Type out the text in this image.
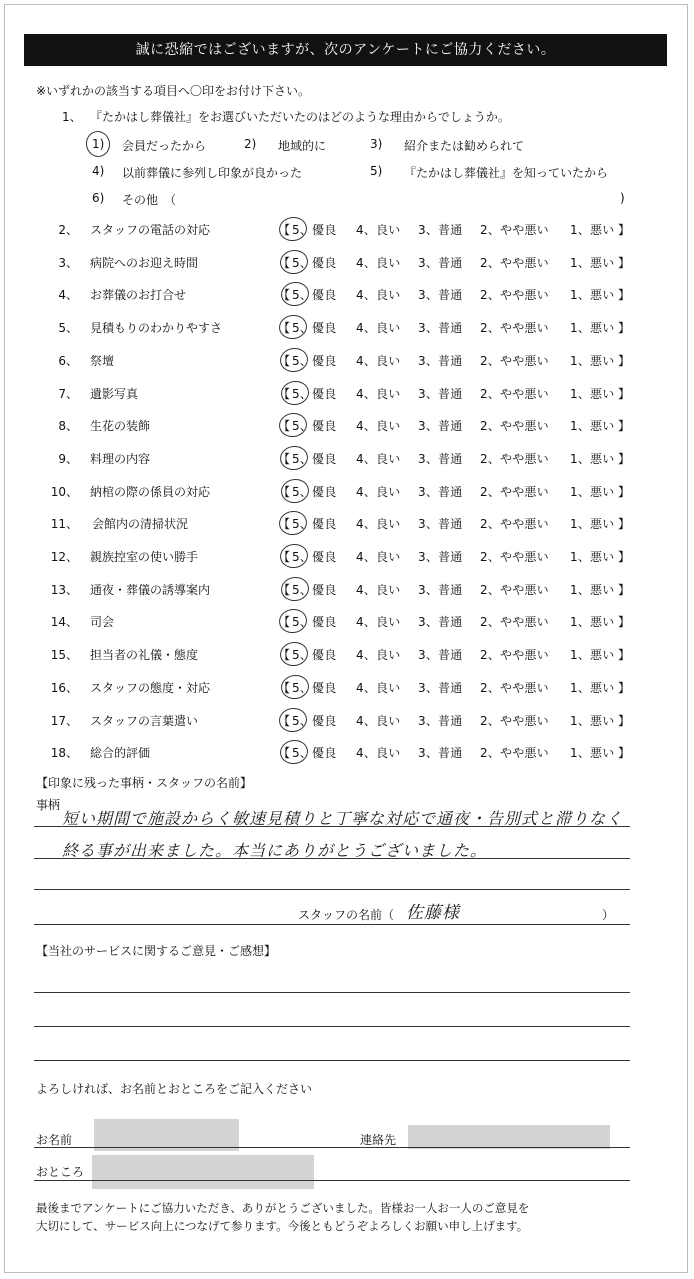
誠に恐縮ではございますが、次のアンケートにご協力ください。
※いずれかの該当する項目へ〇印をお付け下さい。
1、 『たかはし葬儀社』をお選びいただいたのはどのような理由からでしょうか。
1) 会員だったから	2) 地域的に	3) 紹介または勧められて
4) 以前葬儀に参列し印象が良かった	5) 『たかはし葬儀社』を知っていたから
6) その他　（	)
2、 スタッフの電話の対応	【 5、優良 4、良い 3、普通 2、やや悪い 1、悪い 】
3、 病院へのお迎え時間	【 5、優良 4、良い 3、普通 2、やや悪い 1、悪い 】
4、 お葬儀のお打合せ	【 5、優良 4、良い 3、普通 2、やや悪い 1、悪い 】
5、 見積もりのわかりやすさ	【 5、優良 4、良い 3、普通 2、やや悪い 1、悪い 】
6、 祭壇	【 5、優良 4、良い 3、普通 2、やや悪い 1、悪い 】
7、 遺影写真	【 5、優良 4、良い 3、普通 2、やや悪い 1、悪い 】
8、 生花の装飾	【 5、優良 4、良い 3、普通 2、やや悪い 1、悪い 】
9、 料理の内容	【 5、優良 4、良い 3、普通 2、やや悪い 1、悪い 】
10、 納棺の際の係員の対応	【 5、優良 4、良い 3、普通 2、やや悪い 1、悪い 】
11、 会館内の清掃状況	【 5、優良 4、良い 3、普通 2、やや悪い 1、悪い 】
12、 親族控室の使い勝手	【 5、優良 4、良い 3、普通 2、やや悪い 1、悪い 】
13、 通夜・葬儀の誘導案内	【 5、優良 4、良い 3、普通 2、やや悪い 1、悪い 】
14、 司会	【 5、優良 4、良い 3、普通 2、やや悪い 1、悪い 】
15、 担当者の礼儀・態度	【 5、優良 4、良い 3、普通 2、やや悪い 1、悪い 】
16、 スタッフの態度・対応	【 5、優良 4、良い 3、普通 2、やや悪い 1、悪い 】
17、 スタッフの言葉遣い	【 5、優良 4、良い 3、普通 2、やや悪い 1、悪い 】
18、 総合的評価	【 5、優良 4、良い 3、普通 2、やや悪い 1、悪い 】
【印象に残った事柄・スタッフの名前】
事柄
短い期間で施設からく敏速見積りと丁寧な対応で通夜・告別式と滞りなく
終る事が出来ました。本当にありがとうございました。
スタッフの名前（ 佐藤様	）
【当社のサービスに関するご意見・ご感想】
よろしければ、お名前とおところをご記入ください
お名前	連絡先
おところ
最後までアンケートにご協力いただき、ありがとうございました。皆様お一人お一人のご意見を
大切にして、サービス向上につなげて参ります。今後ともどうぞよろしくお願い申し上げます。
